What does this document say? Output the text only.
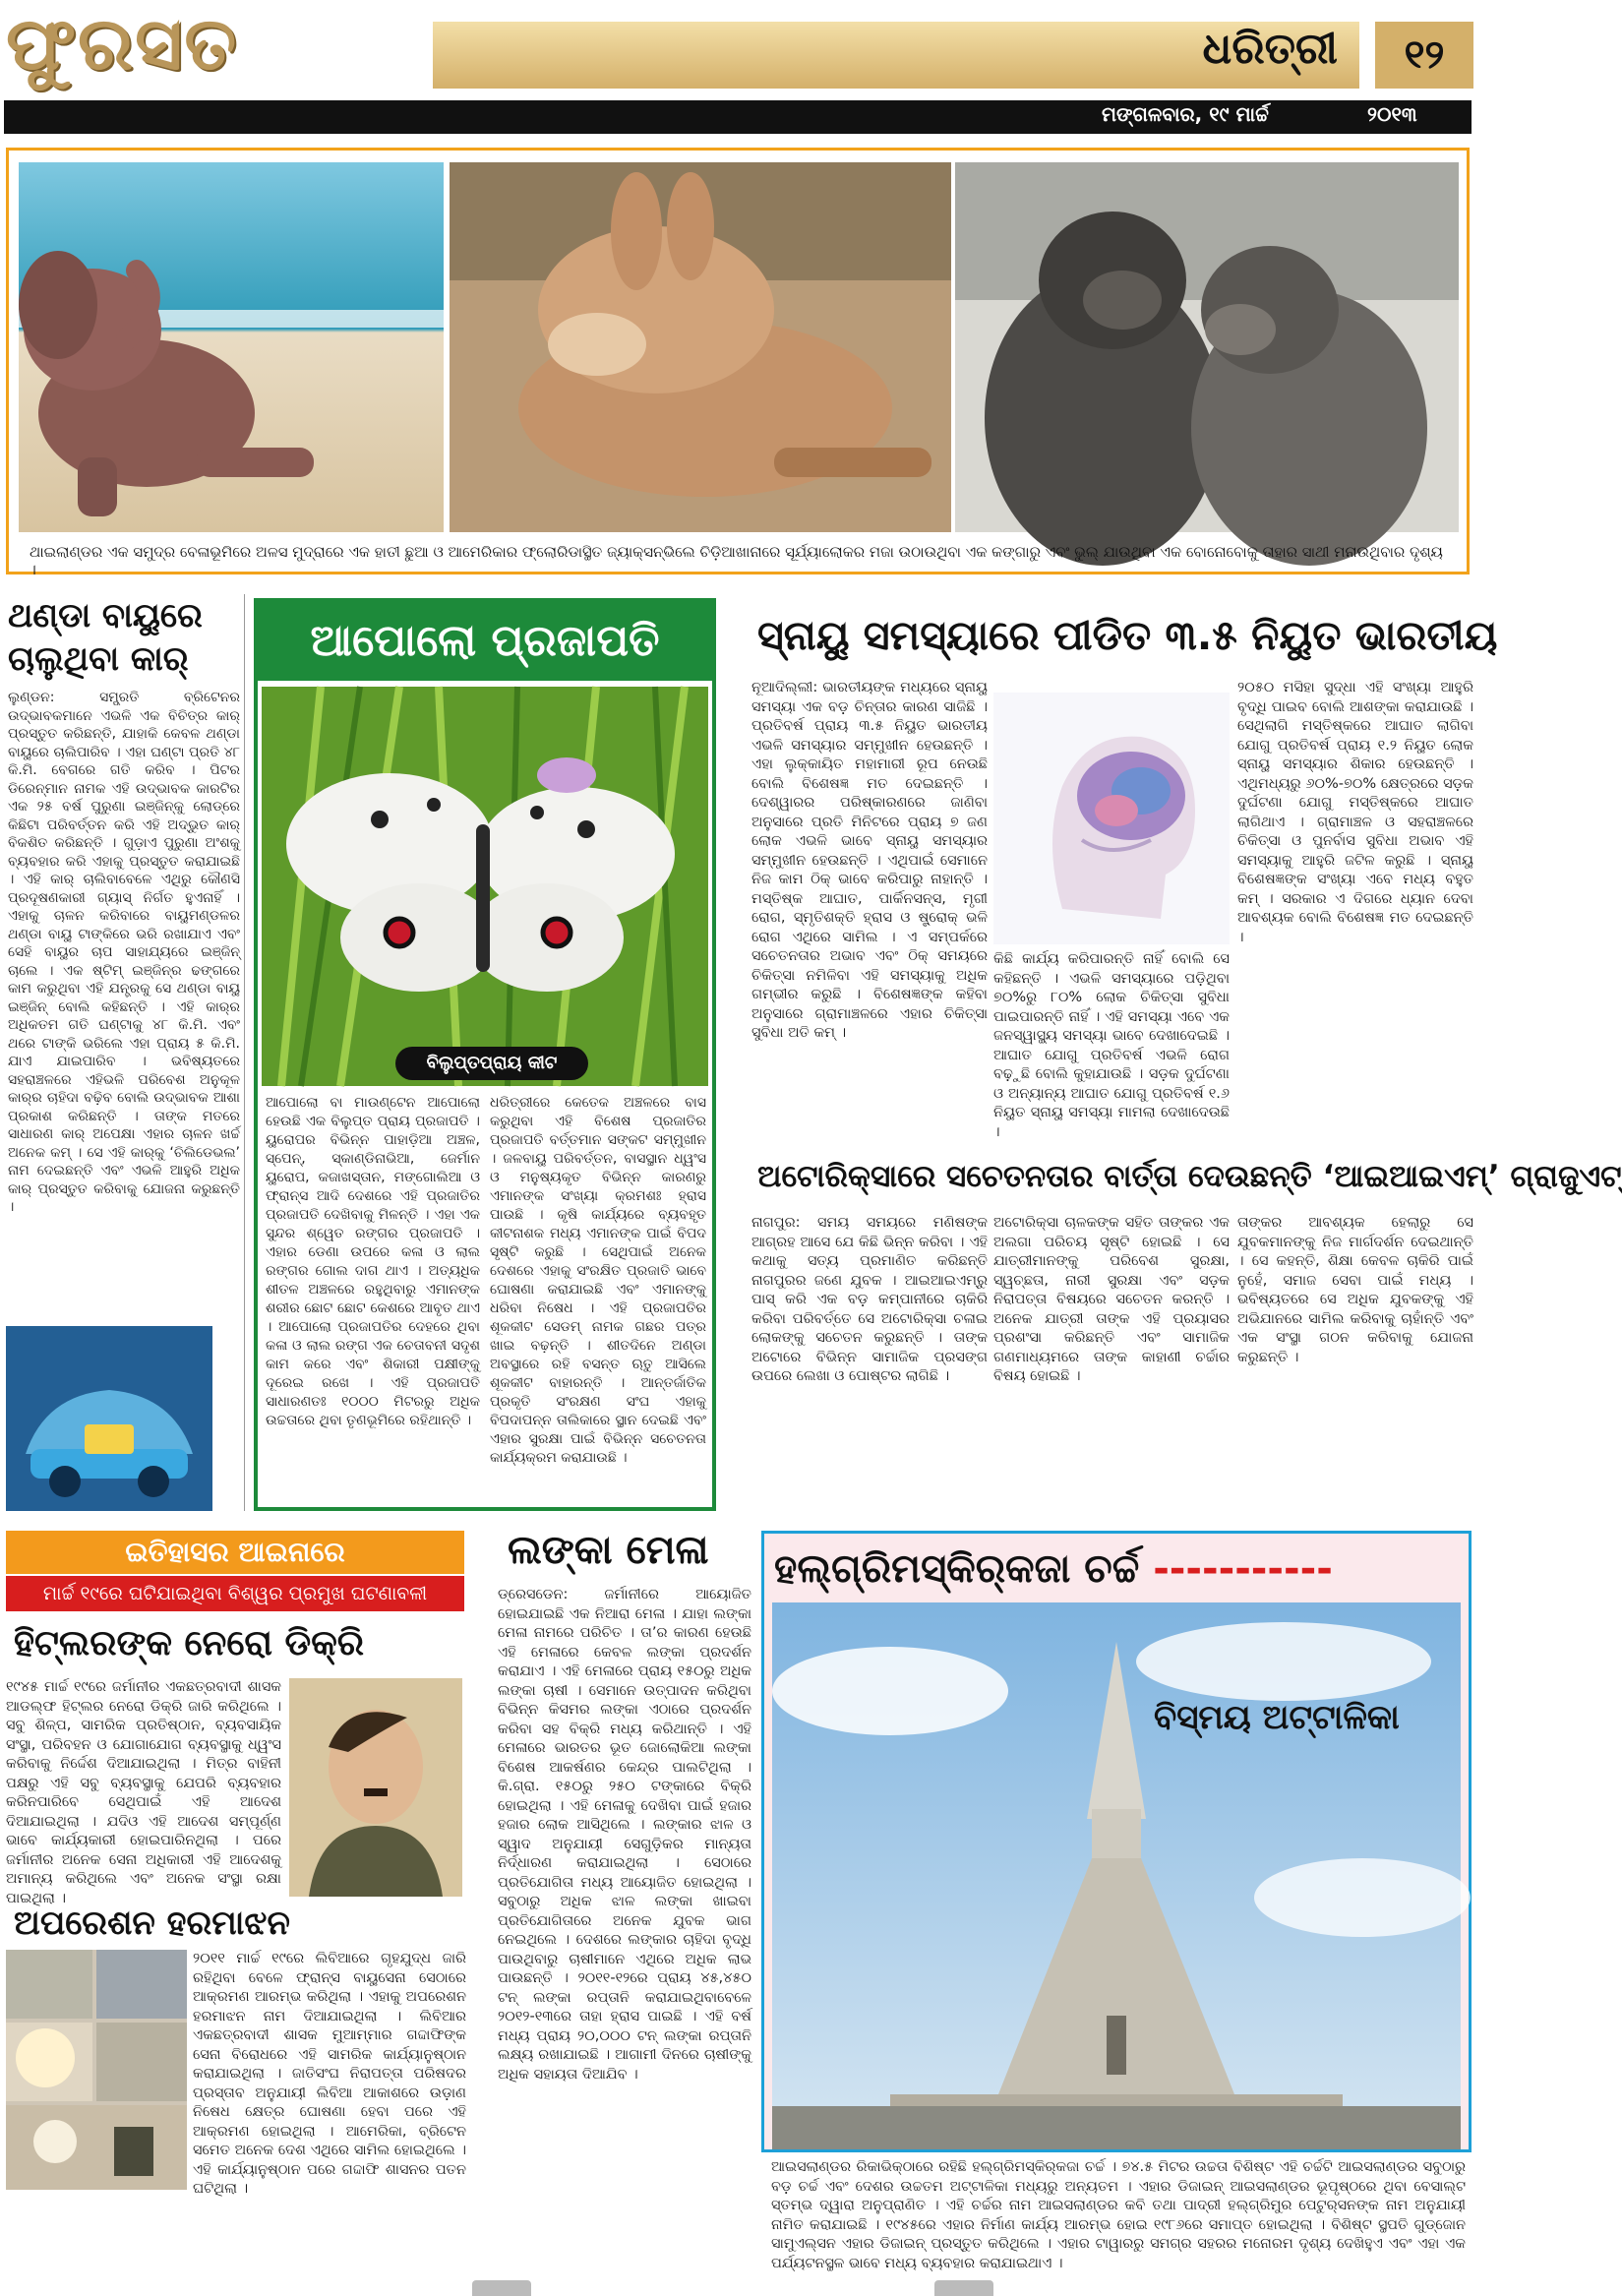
ଫୁରସତ	ଧରିତ୍ରୀ	୧୨
ମଙ୍ଗଳବାର, ୧୯ ମାର୍ଚ୍ଚ	୨୦୧୩
ଥାଇଲାଣ୍ଡର ଏକ ସମୁଦ୍ର ବେଳାଭୂମିରେ ଅଳସ ମୁଦ୍ରାରେ ଏକ ହାତୀ ଛୁଆ ଓ ଆମେରିକାର ଫ୍ଲୋରିଡାସ୍ଥିତ ଜ୍ୟାକ୍‌ସନ୍‌ଭିଲେ ଚିଡ଼ିଆଖାନାରେ ସୂର୍ଯ୍ୟାଲୋକର ମଜା ଉଠାଉଥିବା ଏକ କଙ୍ଗାରୁ ଏବଂ ଭୁଲ୍ ଯାଉଥିବା ଏକ ବୋନୋବୋକୁ ତାହାର ସାଥୀ ମନାଉଥିବାର ଦୃଶ୍ୟ ।
ଥଣ୍ଡା ବାୟୁରେ ଚାଲୁଥିବା କାର୍
ଲୁଣ୍ଡନ: ସମ୍ପ୍ରତି ବ୍ରିଟେନର ଉଦ୍ଭାବକମାନେ ଏଭଳି ଏକ ବିଚିତ୍ର କାର୍ ପ୍ରସ୍ତୁତ କରିଛନ୍ତି, ଯାହାକି କେବଳ ଥଣ୍ଡା ବାୟୁରେ ଚାଲିପାରିବ । ଏହା ଘଣ୍ଟା ପ୍ରତି ୪୮ କି.ମି. ବେଗରେ ଗତି କରିବ । ପିଟର ଡିରେନ୍‌ମାନ ନାମକ ଏହି ଉଦ୍ଭାବକ କାରଟିର ଏକ ୨୫ ବର୍ଷ ପୁରୁଣା ଇଞ୍ଜିନ୍‌କୁ ଲୋଡ୍‌ରେ କିଛିଟା ପରିବର୍ତ୍ତନ କରି ଏହି ଅଦ୍ଭୁତ କାର୍ ବିକଶିତ କରିଛନ୍ତି । ଗୁଡ଼ାଏ ପୁରୁଣା ଅଂଶକୁ ବ୍ୟବହାର କରି ଏହାକୁ ପ୍ରସ୍ତୁତ କରାଯାଇଛି । ଏହି କାର୍ ଚାଲିବାବେଳେ ଏଥିରୁ କୌଣସି ପ୍ରଦୂଷଣକାରୀ ଗ୍ୟାସ୍ ନିର୍ଗତ ହୁଏନାହିଁ । ଏହାକୁ ଚାଳନ କରିବାରେ ବାୟୁମଣ୍ଡଳର ଥଣ୍ଡା ବାୟୁ ଟାଙ୍କିରେ ଭରି ରଖାଯାଏ ଏବଂ ସେହି ବାୟୁର ଚାପ ସାହାଯ୍ୟରେ ଇଞ୍ଜିନ୍ ଚାଲେ । ଏକ ଷ୍ଟିମ୍ ଇଞ୍ଜିନ୍‌ର ଢଙ୍ଗରେ କାମ କରୁଥିବା ଏହି ଯନ୍ତ୍ରକୁ ସେ ଥଣ୍ଡା ବାୟୁ ଇଞ୍ଜିନ୍ ବୋଲି କହିଛନ୍ତି । ଏହି କାର୍‌ର ଅଧିକତମ ଗତି ଘଣ୍ଟାକୁ ୪୮ କି.ମି. ଏବଂ ଥରେ ଟାଙ୍କି ଭରିଲେ ଏହା ପ୍ରାୟ ୫ କି.ମି. ଯାଏ ଯାଇପାରିବ । ଭବିଷ୍ୟତରେ ସହରାଞ୍ଚଳରେ ଏହିଭଳି ପରିବେଶ ଅନୁକୂଳ କାର୍‌ର ଚାହିଦା ବଢ଼ିବ ବୋଲି ଉଦ୍ଭାବକ ଆଶା ପ୍ରକାଶ କରିଛନ୍ତି । ତାଙ୍କ ମତରେ ସାଧାରଣ କାର୍ ଅପେକ୍ଷା ଏହାର ଚାଳନ ଖର୍ଚ୍ଚ ଅନେକ କମ୍ । ସେ ଏହି କାର୍‌କୁ ‘ଚିଲିଡେଭଲ’ ନାମ ଦେଇଛନ୍ତି ଏବଂ ଏଭଳି ଆହୁରି ଅଧିକ କାର୍ ପ୍ରସ୍ତୁତ କରିବାକୁ ଯୋଜନା କରୁଛନ୍ତି ।
ଆପୋଲୋ ପ୍ରଜାପତି
ବିଲୁପ୍ତପ୍ରାୟ କୀଟ
ଆପୋଲୋ ବା ମାଉଣ୍ଟେନ ଆପୋଲୋ ହେଉଛି ଏକ ବିଲୁପ୍ତ ପ୍ରାୟ ପ୍ରଜାପତି । ୟୁରୋପର ବିଭିନ୍ନ ପାହାଡ଼ିଆ ଅଞ୍ଚଳ, ସ୍ପେନ୍, ସ୍କାଣ୍ଡିନାଭିଆ, ଜେର୍ମାନ ୟୁରୋପ, କଜାଖସ୍ତାନ, ମଙ୍ଗୋଲିଆ ଓ ଫ୍ରାନ୍ସ ଆଦି ଦେଶରେ ଏହି ପ୍ରଜାତିର ପ୍ରଜାପତି ଦେଖିବାକୁ ମିଳନ୍ତି । ଏହା ଏକ ସୁନ୍ଦର ଶ୍ୱେତ ରଙ୍ଗର ପ୍ରଜାପତି । ଏହାର ଡେଣା ଉପରେ କଳା ଓ ଲାଲ ରଙ୍ଗର ଗୋଲ ଦାଗ ଥାଏ । ଅତ୍ୟଧିକ ଶୀତଳ ଅଞ୍ଚଳରେ ରହୁଥିବାରୁ ଏମାନଙ୍କ ଶରୀର ଛୋଟ ଛୋଟ କେଶରେ ଆବୃତ ଥାଏ । ଆପୋଲୋ ପ୍ରଜାପତିର ଦେହରେ ଥିବା କଳା ଓ ଲାଲ ରଙ୍ଗ ଏକ ଚେତାବନୀ ସଦୃଶ କାମ କରେ ଏବଂ ଶିକାରୀ ପକ୍ଷୀଙ୍କୁ ଦୂରେଇ ରଖେ । ଏହି ପ୍ରଜାପତି ସାଧାରଣତଃ ୧୦୦୦ ମିଟରରୁ ଅଧିକ ଉଚ୍ଚତାରେ ଥିବା ତୃଣଭୂମିରେ ରହିଥାନ୍ତି ।
ଧରିତ୍ରୀରେ କେତେକ ଅଞ୍ଚଳରେ ବାସ କରୁଥିବା ଏହି ବିଶେଷ ପ୍ରଜାତିର ପ୍ରଜାପତି ବର୍ତ୍ତମାନ ସଙ୍କଟ ସମ୍ମୁଖୀନ । ଜଳବାୟୁ ପରିବର୍ତ୍ତନ, ବାସସ୍ଥାନ ଧ୍ୱଂସ ଓ ମନୁଷ୍ୟକୃତ ବିଭିନ୍ନ କାରଣରୁ ଏମାନଙ୍କ ସଂଖ୍ୟା କ୍ରମଶଃ ହ୍ରାସ ପାଉଛି । କୃଷି କାର୍ଯ୍ୟରେ ବ୍ୟବହୃତ କୀଟନାଶକ ମଧ୍ୟ ଏମାନଙ୍କ ପାଇଁ ବିପଦ ସୃଷ୍ଟି କରୁଛି । ସେଥିପାଇଁ ଅନେକ ଦେଶରେ ଏହାକୁ ସଂରକ୍ଷିତ ପ୍ରଜାତି ଭାବେ ଘୋଷଣା କରାଯାଇଛି ଏବଂ ଏମାନଙ୍କୁ ଧରିବା ନିଷେଧ । ଏହି ପ୍ରଜାପତିର ଶୂକକୀଟ ସେଡମ୍ ନାମକ ଗଛର ପତ୍ର ଖାଇ ବଢ଼ନ୍ତି । ଶୀତଦିନେ ଅଣ୍ଡା ଅବସ୍ଥାରେ ରହି ବସନ୍ତ ଋତୁ ଆସିଲେ ଶୂକକୀଟ ବାହାରନ୍ତି । ଆନ୍ତର୍ଜାତିକ ପ୍ରକୃତି ସଂରକ୍ଷଣ ସଂଘ ଏହାକୁ ବିପଦାପନ୍ନ ତାଲିକାରେ ସ୍ଥାନ ଦେଇଛି ଏବଂ ଏହାର ସୁରକ୍ଷା ପାଇଁ ବିଭିନ୍ନ ସଚେତନତା କାର୍ଯ୍ୟକ୍ରମ କରାଯାଉଛି ।
ସ୍ନାୟୁ ସମସ୍ୟାରେ ପୀଡିତ ୩.୫ ନିୟୁତ ଭାରତୀୟ
ନୂଆଦିଲ୍ଲୀ: ଭାରତୀୟଙ୍କ ମଧ୍ୟରେ ସ୍ନାୟୁ ସମସ୍ୟା ଏକ ବଡ଼ ଚିନ୍ତାର କାରଣ ସାଜିଛି । ପ୍ରତିବର୍ଷ ପ୍ରାୟ ୩.୫ ନିୟୁତ ଭାରତୀୟ ଏଭଳି ସମସ୍ୟାର ସମ୍ମୁଖୀନ ହେଉଛନ୍ତି । ଏହା ଲୁକ୍କାୟିତ ମହାମାରୀ ରୂପ ନେଉଛି ବୋଲି ବିଶେଷଜ୍ଞ ମତ ଦେଇଛନ୍ତି । ଦେଶ୍ୱାରର ପରିଷ୍କାରଣରେ ଜାଣିବା ଅନୁସାରେ ପ୍ରତି ମିନିଟରେ ପ୍ରାୟ ୭ ଜଣ ଲୋକ ଏଭଳି ଭାବେ ସ୍ନାୟୁ ସମସ୍ୟାର ସମ୍ମୁଖୀନ ହେଉଛନ୍ତି । ଏଥିପାଇଁ ସେମାନେ ନିଜ କାମ ଠିକ୍ ଭାବେ କରିପାରୁ ନାହାନ୍ତି । ମସ୍ତିଷ୍କ ଆଘାତ, ପାର୍କିନସନ୍ସ, ମୃଗୀ ରୋଗ, ସ୍ମୃତିଶକ୍ତି ହ୍ରାସ ଓ ଷ୍ଟ୍ରୋକ୍ ଭଳି ରୋଗ ଏଥିରେ ସାମିଲ । ଏ ସମ୍ପର୍କରେ ସଚେତନତାର ଅଭାବ ଏବଂ ଠିକ୍ ସମୟରେ ଚିକିତ୍ସା ନମିଳିବା ଏହି ସମସ୍ୟାକୁ ଅଧିକ ଗମ୍ଭୀର କରୁଛି । ବିଶେଷଜ୍ଞଙ୍କ କହିବା ଅନୁସାରେ ଗ୍ରାମାଞ୍ଚଳରେ ଏହାର ଚିକିତ୍ସା ସୁବିଧା ଅତି କମ୍ ।
କିଛି କାର୍ଯ୍ୟ କରିପାରନ୍ତି ନାହିଁ ବୋଲି ସେ କହିଛନ୍ତି । ଏଭଳି ସମସ୍ୟାରେ ପଡ଼ିଥିବା ୭୦%ରୁ ୮୦% ଲୋକ ଚିକିତ୍ସା ସୁବିଧା ପାଇପାରନ୍ତି ନାହିଁ । ଏହି ସମସ୍ୟା ଏବେ ଏକ ଜନସ୍ୱାସ୍ଥ୍ୟ ସମସ୍ୟା ଭାବେ ଦେଖାଦେଇଛି । ଆଘାତ ଯୋଗୁ ପ୍ରତିବର୍ଷ ଏଭଳି ରୋଗ ବଢ଼ୁଛି ବୋଲି କୁହାଯାଉଛି । ସଡ଼କ ଦୁର୍ଘଟଣା ଓ ଅନ୍ୟାନ୍ୟ ଆଘାତ ଯୋଗୁ ପ୍ରତିବର୍ଷ ୧.୬ ନିୟୁତ ସ୍ନାୟୁ ସମସ୍ୟା ମାମଲା ଦେଖାଦେଉଛି ।
୨୦୫୦ ମସିହା ସୁଦ୍ଧା ଏହି ସଂଖ୍ୟା ଆହୁରି ବୃଦ୍ଧି ପାଇବ ବୋଲି ଆଶଙ୍କା କରାଯାଉଛି । ସେଥିଲାଗି ମସ୍ତିଷ୍କରେ ଆଘାତ ଲାଗିବା ଯୋଗୁ ପ୍ରତିବର୍ଷ ପ୍ରାୟ ୧.୨ ନିୟୁତ ଲୋକ ସ୍ନାୟୁ ସମସ୍ୟାର ଶିକାର ହେଉଛନ୍ତି । ଏଥିମଧ୍ୟରୁ ୬୦%-୭୦% କ୍ଷେତ୍ରରେ ସଡ଼କ ଦୁର୍ଘଟଣା ଯୋଗୁ ମସ୍ତିଷ୍କରେ ଆଘାତ ଲାଗିଥାଏ । ଗ୍ରାମାଞ୍ଚଳ ଓ ସହରାଞ୍ଚଳରେ ଚିକିତ୍ସା ଓ ପୁନର୍ବାସ ସୁବିଧା ଅଭାବ ଏହି ସମସ୍ୟାକୁ ଆହୁରି ଜଟିଳ କରୁଛି । ସ୍ନାୟୁ ବିଶେଷଜ୍ଞଙ୍କ ସଂଖ୍ୟା ଏବେ ମଧ୍ୟ ବହୁତ କମ୍ । ସରକାର ଏ ଦିଗରେ ଧ୍ୟାନ ଦେବା ଆବଶ୍ୟକ ବୋଲି ବିଶେଷଜ୍ଞ ମତ ଦେଇଛନ୍ତି ।
ଅଟୋରିକ୍ସାରେ ସଚେତନତାର ବାର୍ତ୍ତା ଦେଉଛନ୍ତି ‘ଆଇଆଇଏମ୍’ ଗ୍ରାଜୁଏଟ୍
ନାଗପୁର: ସମୟ ସମୟରେ ମଣିଷଙ୍କ ଆଗ୍ରହ ଆସେ ଯେ କିଛି ଭିନ୍ନ କରିବା । ଏହି କଥାକୁ ସତ୍ୟ ପ୍ରମାଣିତ କରିଛନ୍ତି ନାଗପୁରର ଜଣେ ଯୁବକ । ଆଇଆଇଏମ୍‌ରୁ ପାସ୍ କରି ଏକ ବଡ଼ କମ୍ପାନୀରେ ଚାକିରି କରିବା ପରିବର୍ତ୍ତେ ସେ ଅଟୋରିକ୍ସା ଚଳାଇ ଲୋକଙ୍କୁ ସଚେତନ କରୁଛନ୍ତି । ତାଙ୍କ ଅଟୋରେ ବିଭିନ୍ନ ସାମାଜିକ ପ୍ରସଙ୍ଗ ଉପରେ ଲେଖା ଓ ପୋଷ୍ଟର ଲାଗିଛି ।
ଅଟୋରିକ୍ସା ଚାଳକଙ୍କ ସହିତ ତାଙ୍କର ଏକ ଅଲଗା ପରିଚୟ ସୃଷ୍ଟି ହୋଇଛି । ସେ ଯାତ୍ରୀମାନଙ୍କୁ ପରିବେଶ ସୁରକ୍ଷା, ସ୍ୱଚ୍ଛତା, ନାରୀ ସୁରକ୍ଷା ଏବଂ ସଡ଼କ ନିରାପତ୍ତା ବିଷୟରେ ସଚେତନ କରନ୍ତି । ଅନେକ ଯାତ୍ରୀ ତାଙ୍କ ଏହି ପ୍ରୟାସର ପ୍ରଶଂସା କରିଛନ୍ତି ଏବଂ ସାମାଜିକ ଗଣମାଧ୍ୟମରେ ତାଙ୍କ କାହାଣୀ ଚର୍ଚ୍ଚାର ବିଷୟ ହୋଇଛି ।
ତାଙ୍କର ଆବଶ୍ୟକ ହେଲାରୁ ସେ ଯୁବକମାନଙ୍କୁ ନିଜ ମାର୍ଗଦର୍ଶନ ଦେଇଥାନ୍ତି । ସେ କହନ୍ତି, ଶିକ୍ଷା କେବଳ ଚାକିରି ପାଇଁ ନୁହେଁ, ସମାଜ ସେବା ପାଇଁ ମଧ୍ୟ । ଭବିଷ୍ୟତରେ ସେ ଅଧିକ ଯୁବକଙ୍କୁ ଏହି ଅଭିଯାନରେ ସାମିଲ କରିବାକୁ ଚାହାଁନ୍ତି ଏବଂ ଏକ ସଂସ୍ଥା ଗଠନ କରିବାକୁ ଯୋଜନା କରୁଛନ୍ତି ।
ଇତିହାସର ଆଇନାରେ
ମାର୍ଚ୍ଚ ୧୯ରେ ଘଟିଯାଇଥିବା ବିଶ୍ୱର ପ୍ରମୁଖ ଘଟଣାବଳୀ
ହିଟ୍‌ଲରଙ୍କ ନେରୋ ଡିକ୍ରି
୧୯୪୫ ମାର୍ଚ୍ଚ ୧୯ରେ ଜର୍ମାନୀର ଏକଛତ୍ରବାଦୀ ଶାସକ ଆଡଲ୍ଫ ହିଟ୍‌ଲର ନେରୋ ଡିକ୍ରି ଜାରି କରିଥିଲେ । ସବୁ ଶିଳ୍ପ, ସାମରିକ ପ୍ରତିଷ୍ଠାନ, ବ୍ୟବସାୟିକ ସଂସ୍ଥା, ପରିବହନ ଓ ଯୋଗାଯୋଗ ବ୍ୟବସ୍ଥାକୁ ଧ୍ୱଂସ କରିବାକୁ ନିର୍ଦ୍ଦେଶ ଦିଆଯାଇଥିଲା । ମିତ୍ର ବାହିନୀ ପକ୍ଷରୁ ଏହି ସବୁ ବ୍ୟବସ୍ଥାକୁ ଯେପରି ବ୍ୟବହାର କରିନପାରିବେ ସେଥିପାଇଁ ଏହି ଆଦେଶ ଦିଆଯାଇଥିଲା । ଯଦିଓ ଏହି ଆଦେଶ ସମ୍ପୂର୍ଣ୍ଣ ଭାବେ କାର୍ଯ୍ୟକାରୀ ହୋଇପାରିନଥିଲା । ପରେ ଜର୍ମାନୀର ଅନେକ ସେନା ଅଧିକାରୀ ଏହି ଆଦେଶକୁ ଅମାନ୍ୟ କରିଥିଲେ ଏବଂ ଅନେକ ସଂସ୍ଥା ରକ୍ଷା ପାଇଥିଲା ।
ଅପରେଶନ ହରମାଝନ
୨୦୧୧ ମାର୍ଚ୍ଚ ୧୯ରେ ଲିବିଆରେ ଗୃହଯୁଦ୍ଧ ଜାରି ରହିଥିବା ବେଳେ ଫ୍ରାନ୍ସ ବାୟୁସେନା ସେଠାରେ ଆକ୍ରମଣ ଆରମ୍ଭ କରିଥିଲା । ଏହାକୁ ଅପରେଶନ ହରମାଝନ ନାମ ଦିଆଯାଇଥିଲା । ଲିବିଆର ଏକଛତ୍ରବାଦୀ ଶାସକ ମୁଆମ୍ମାର ଗଦ୍ଦାଫିଙ୍କ ସେନା ବିରୋଧରେ ଏହି ସାମରିକ କାର୍ଯ୍ୟାନୁଷ୍ଠାନ କରାଯାଇଥିଲା । ଜାତିସଂଘ ନିରାପତ୍ତା ପରିଷଦର ପ୍ରସ୍ତାବ ଅନୁଯାୟୀ ଲିବିଆ ଆକାଶରେ ଉଡ଼ାଣ ନିଷେଧ କ୍ଷେତ୍ର ଘୋଷଣା ହେବା ପରେ ଏହି ଆକ୍ରମଣ ହୋଇଥିଲା । ଆମେରିକା, ବ୍ରିଟେନ ସମେତ ଅନେକ ଦେଶ ଏଥିରେ ସାମିଲ ହୋଇଥିଲେ । ଏହି କାର୍ଯ୍ୟାନୁଷ୍ଠାନ ପରେ ଗଦ୍ଦାଫି ଶାସନର ପତନ ଘଟିଥିଲା ।
ଲଙ୍କା ମେଳା
ଡ୍ରେସଡେନ: ଜର୍ମାନୀରେ ଆୟୋଜିତ ହୋଇଯାଇଛି ଏକ ନିଆରା ମେଳା । ଯାହା ଲଙ୍କା ମେଳା ନାମରେ ପରିଚିତ । ତା’ର କାରଣ ହେଉଛି ଏହି ମେଳାରେ କେବଳ ଲଙ୍କା ପ୍ରଦର୍ଶନ କରାଯାଏ । ଏହି ମେଳାରେ ପ୍ରାୟ ୧୫୦ରୁ ଅଧିକ ଲଙ୍କା ଚାଷୀ । ସେମାନେ ଉତ୍ପାଦନ କରିଥିବା ବିଭିନ୍ନ କିସମର ଲଙ୍କା ଏଠାରେ ପ୍ରଦର୍ଶନ କରିବା ସହ ବିକ୍ରି ମଧ୍ୟ କରିଥାନ୍ତି । ଏହି ମେଳାରେ ଭାରତର ଭୂତ ଜୋଲୋକିଆ ଲଙ୍କା ବିଶେଷ ଆକର୍ଷଣର କେନ୍ଦ୍ର ପାଲଟିଥିଲା । କି.ଗ୍ରା. ୧୫୦ରୁ ୨୫୦ ଟଙ୍କାରେ ବିକ୍ରି ହୋଇଥିଲା । ଏହି ମେଳାକୁ ଦେଖିବା ପାଇଁ ହଜାର ହଜାର ଲୋକ ଆସିଥିଲେ । ଲଙ୍କାର ଝାଳ ଓ ସ୍ୱାଦ ଅନୁଯାୟୀ ସେଗୁଡ଼ିକର ମାନ୍ୟତା ନିର୍ଦ୍ଧାରଣ କରାଯାଇଥିଲା । ସେଠାରେ ପ୍ରତିଯୋଗିତା ମଧ୍ୟ ଆୟୋଜିତ ହୋଇଥିଲା । ସବୁଠାରୁ ଅଧିକ ଝାଳ ଲଙ୍କା ଖାଇବା ପ୍ରତିଯୋଗିତାରେ ଅନେକ ଯୁବକ ଭାଗ ନେଇଥିଲେ । ଦେଶରେ ଲଙ୍କାର ଚାହିଦା ବୃଦ୍ଧି ପାଉଥିବାରୁ ଚାଷୀମାନେ ଏଥିରେ ଅଧିକ ଲାଭ ପାଉଛନ୍ତି । ୨୦୧୧-୧୨ରେ ପ୍ରାୟ ୪୫,୪୫୦ ଟନ୍ ଲଙ୍କା ରପ୍ତାନି କରାଯାଇଥିବାବେଳେ ୨୦୧୨-୧୩ରେ ତାହା ହ୍ରାସ ପାଇଛି । ଏହି ବର୍ଷ ମଧ୍ୟ ପ୍ରାୟ ୨୦,୦୦୦ ଟନ୍ ଲଙ୍କା ରପ୍ତାନି ଲକ୍ଷ୍ୟ ରଖାଯାଇଛି । ଆଗାମୀ ଦିନରେ ଚାଷୀଙ୍କୁ ଅଧିକ ସହାୟତା ଦିଆଯିବ ।
ହଲ୍‌ଗ୍ରିମସ୍କିର୍‌କଜା ଚର୍ଚ୍ଚ -----------
ବିସ୍ମୟ ଅଟ୍ଟାଳିକା
ଆଇସଲାଣ୍ଡର ରିକାଭିକ୍‌ଠାରେ ରହିଛି ହଲ୍‌ଗ୍ରିମସ୍କିର୍‌କଜା ଚର୍ଚ୍ଚ । ୭୪.୫ ମିଟର ଉଚ୍ଚତା ବିଶିଷ୍ଟ ଏହି ଚର୍ଚ୍ଚଟି ଆଇସଲାଣ୍ଡର ସବୁଠାରୁ ବଡ଼ ଚର୍ଚ୍ଚ ଏବଂ ଦେଶର ଉଚ୍ଚତମ ଅଟ୍ଟାଳିକା ମଧ୍ୟରୁ ଅନ୍ୟତମ । ଏହାର ଡିଜାଇନ୍ ଆଇସଲାଣ୍ଡର ଭୂପୃଷ୍ଠରେ ଥିବା ବେସାଲ୍ଟ ସ୍ତମ୍ଭ ଦ୍ୱାରା ଅନୁପ୍ରାଣିତ । ଏହି ଚର୍ଚ୍ଚର ନାମ ଆଇସଲାଣ୍ଡର କବି ତଥା ପାଦ୍ରୀ ହଲ୍‌ଗ୍ରିମୁର ପେଟୁର୍‌ସନଙ୍କ ନାମ ଅନୁଯାୟୀ ନାମିତ କରାଯାଇଛି । ୧୯୪୫ରେ ଏହାର ନିର୍ମାଣ କାର୍ଯ୍ୟ ଆରମ୍ଭ ହୋଇ ୧୯୮୬ରେ ସମାପ୍ତ ହୋଇଥିଲା । ବିଶିଷ୍ଟ ସ୍ଥପତି ଗୁଡ୍‌ଜୋନ ସାମୁଏଲ୍‌ସନ ଏହାର ଡିଜାଇନ୍ ପ୍ରସ୍ତୁତ କରିଥିଲେ । ଏହାର ଟାୱାରରୁ ସମଗ୍ର ସହରର ମନୋରମ ଦୃଶ୍ୟ ଦେଖିହୁଏ ଏବଂ ଏହା ଏକ ପର୍ଯ୍ୟଟନସ୍ଥଳ ଭାବେ ମଧ୍ୟ ବ୍ୟବହାର କରାଯାଇଥାଏ ।
